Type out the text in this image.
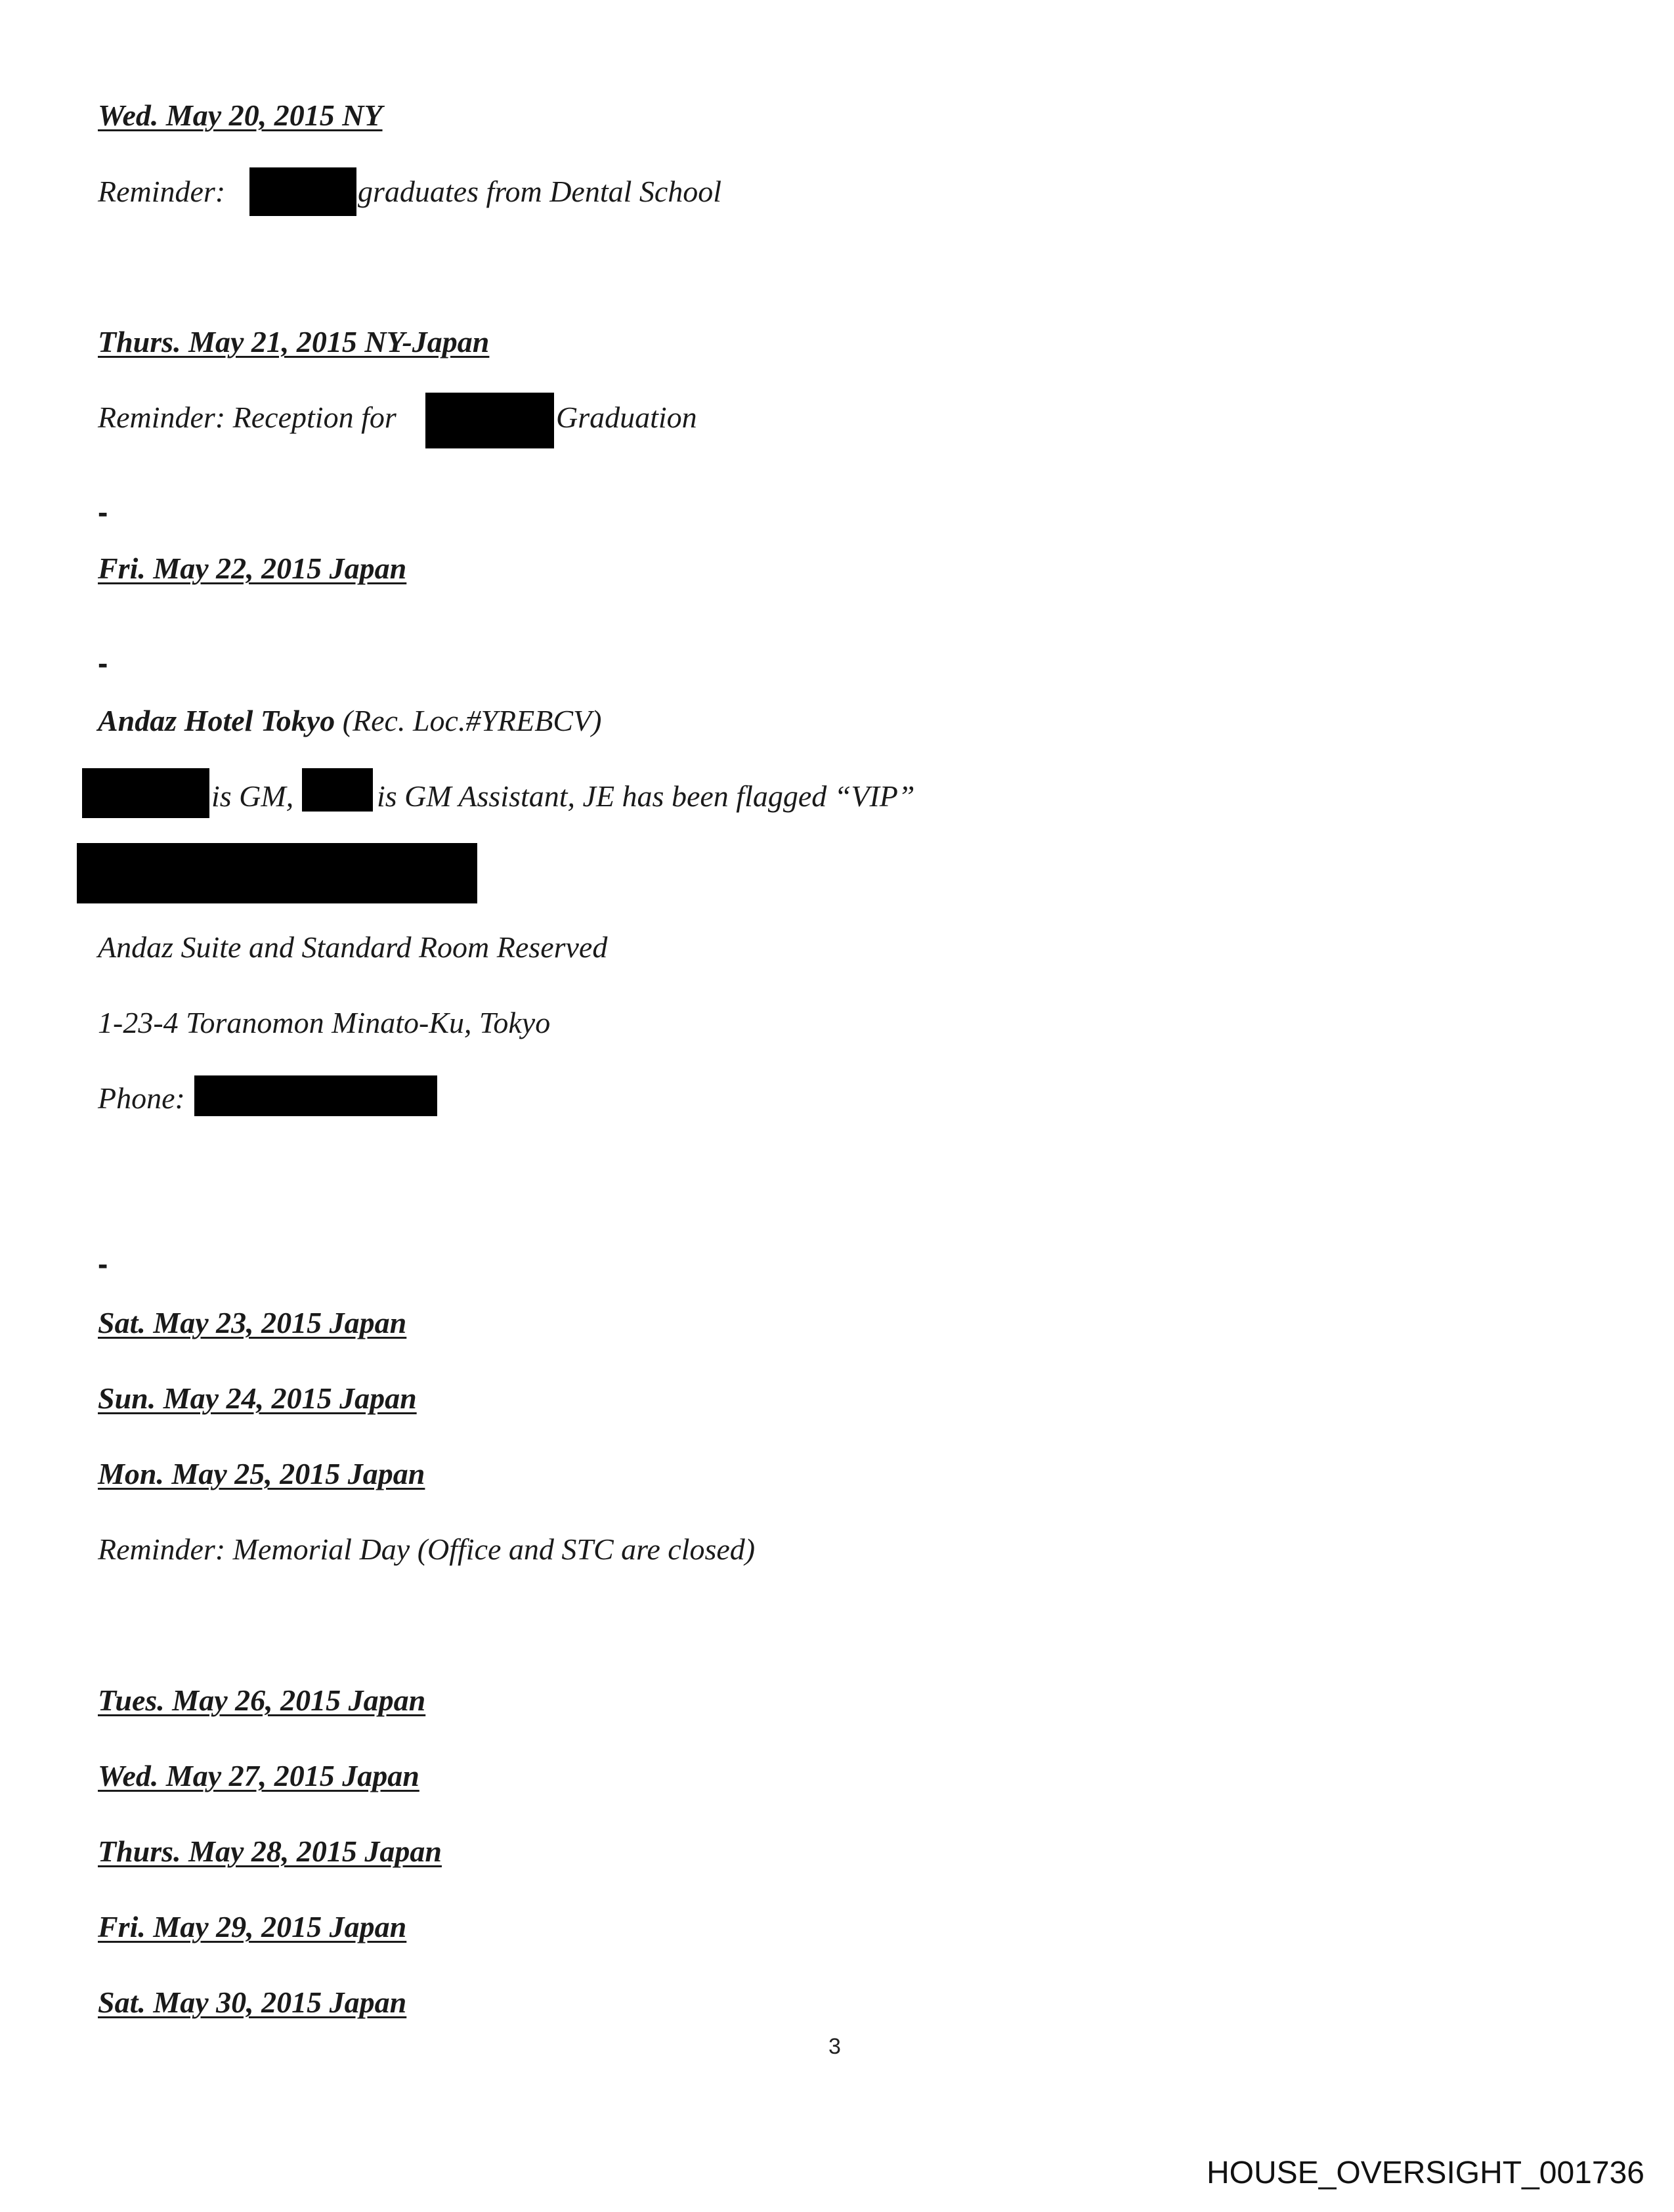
Wed. May 20, 2015 NY
Reminder:	graduates from Dental School
Thurs. May 21, 2015 NY-Japan
Reminder: Reception for	Graduation
-
Fri. May 22, 2015 Japan
-
Andaz Hotel Tokyo (Rec. Loc.#YREBCV)
is GM,	is GM Assistant, JE has been flagged “VIP”
Andaz Suite and Standard Room Reserved
1-23-4 Toranomon Minato-Ku, Tokyo
Phone:
-
Sat. May 23, 2015 Japan
Sun. May 24, 2015 Japan
Mon. May 25, 2015 Japan
Reminder: Memorial Day (Office and STC are closed)
Tues. May 26, 2015 Japan
Wed. May 27, 2015 Japan
Thurs. May 28, 2015 Japan
Fri. May 29, 2015 Japan
Sat. May 30, 2015 Japan
3
HOUSE_OVERSIGHT_001736
